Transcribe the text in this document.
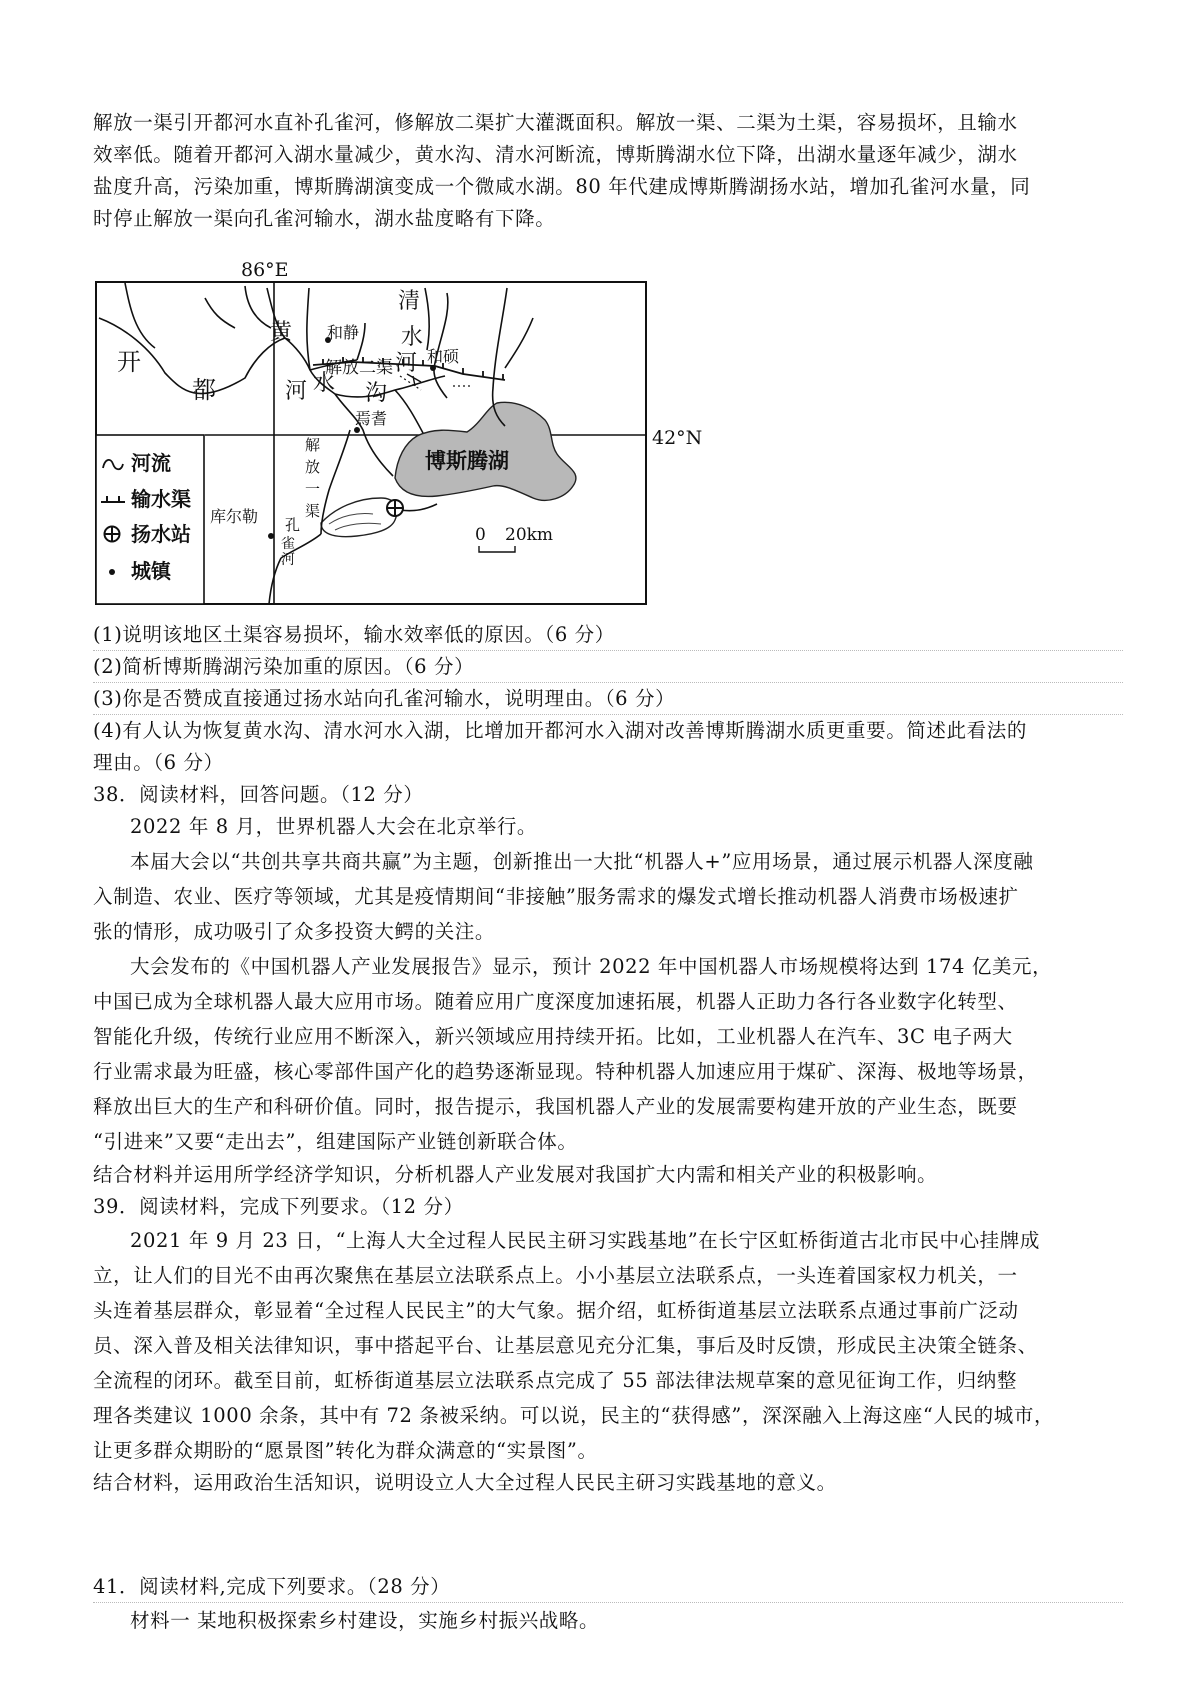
解放一渠引开都河水直补孔雀河，修解放二渠扩大灌溉面积。解放一渠、二渠为土渠，容易损坏，且输水
效率低。随着开都河入湖水量减少，黄水沟、清水河断流，博斯腾湖水位下降，出湖水量逐年减少，湖水
盐度升高，污染加重，博斯腾湖演变成一个微咸水湖。80 年代建成博斯腾湖扬水站，增加孔雀河水量，同
时停止解放一渠向孔雀河输水，湖水盐度略有下降。
86°E
42°N
博斯腾湖
和静
和硕
焉耆
库尔勒
解放二渠
清
水
河
黄
河 水 沟
开
都
解
放
一
渠
孔
雀
河
0 20km
河流
输水渠
扬水站
城镇
(1)说明该地区土渠容易损坏，输水效率低的原因。（6 分）
(2)简析博斯腾湖污染加重的原因。（6 分）
(3)你是否赞成直接通过扬水站向孔雀河输水，说明理由。（6 分）
(4)有人认为恢复黄水沟、清水河水入湖，比增加开都河水入湖对改善博斯腾湖水质更重要。简述此看法的
理由。（6 分）
38．阅读材料，回答问题。（12 分）
2022 年 8 月，世界机器人大会在北京举行。
本届大会以“共创共享共商共赢”为主题，创新推出一大批“机器人+”应用场景，通过展示机器人深度融
入制造、农业、医疗等领域，尤其是疫情期间“非接触”服务需求的爆发式增长推动机器人消费市场极速扩
张的情形，成功吸引了众多投资大鳄的关注。
大会发布的《中国机器人产业发展报告》显示，预计 2022 年中国机器人市场规模将达到 174 亿美元，
中国已成为全球机器人最大应用市场。随着应用广度深度加速拓展，机器人正助力各行各业数字化转型、
智能化升级，传统行业应用不断深入，新兴领域应用持续开拓。比如，工业机器人在汽车、3C 电子两大
行业需求最为旺盛，核心零部件国产化的趋势逐渐显现。特种机器人加速应用于煤矿、深海、极地等场景，
释放出巨大的生产和科研价值。同时，报告提示，我国机器人产业的发展需要构建开放的产业生态，既要
“引进来”又要“走出去”，组建国际产业链创新联合体。
结合材料并运用所学经济学知识，分析机器人产业发展对我国扩大内需和相关产业的积极影响。
39．阅读材料，完成下列要求。（12 分）
2021 年 9 月 23 日，“上海人大全过程人民民主研习实践基地”在长宁区虹桥街道古北市民中心挂牌成
立，让人们的目光不由再次聚焦在基层立法联系点上。小小基层立法联系点，一头连着国家权力机关，一
头连着基层群众，彰显着“全过程人民民主”的大气象。据介绍，虹桥街道基层立法联系点通过事前广泛动
员、深入普及相关法律知识，事中搭起平台、让基层意见充分汇集，事后及时反馈，形成民主决策全链条、
全流程的闭环。截至目前，虹桥街道基层立法联系点完成了 55 部法律法规草案的意见征询工作，归纳整
理各类建议 1000 余条，其中有 72 条被采纳。可以说，民主的“获得感”，深深融入上海这座“人民的城市，
让更多群众期盼的“愿景图”转化为群众满意的“实景图”。
结合材料，运用政治生活知识，说明设立人大全过程人民民主研习实践基地的意义。
41．阅读材料,完成下列要求。（28 分）
材料一 某地积极探索乡村建设，实施乡村振兴战略。
